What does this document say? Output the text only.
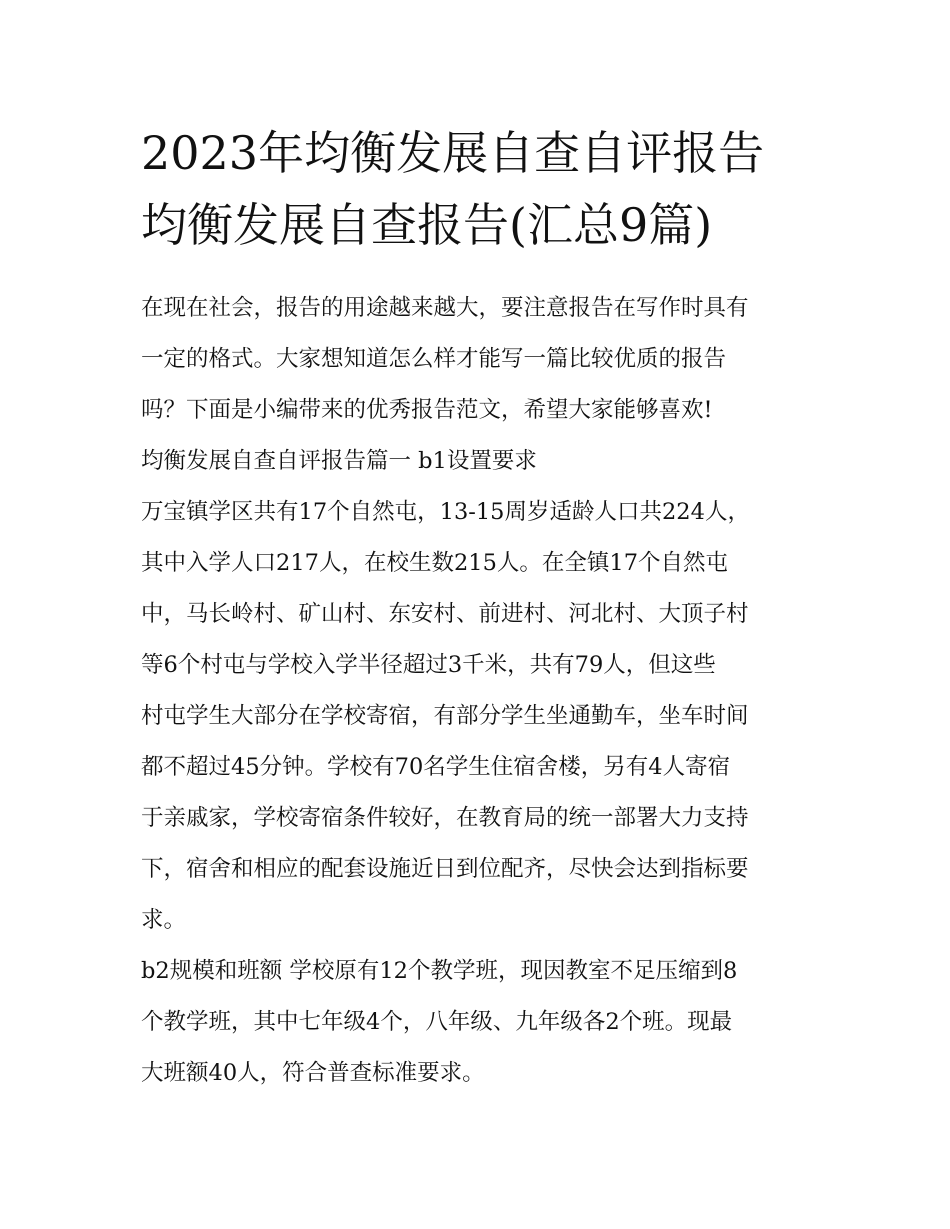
2023年均衡发展自查自评报告
均衡发展自查报告(汇总9篇)
在现在社会，报告的用途越来越大，要注意报告在写作时具有
一定的格式。大家想知道怎么样才能写一篇比较优质的报告
吗？下面是小编带来的优秀报告范文，希望大家能够喜欢!
均衡发展自查自评报告篇一 b1设置要求
万宝镇学区共有17个自然屯，13-15周岁适龄人口共224人，
其中入学人口217人，在校生数215人。在全镇17个自然屯
中，马长岭村、矿山村、东安村、前进村、河北村、大顶子村
等6个村屯与学校入学半径超过3千米，共有79人，但这些
村屯学生大部分在学校寄宿，有部分学生坐通勤车，坐车时间
都不超过45分钟。学校有70名学生住宿舍楼，另有4人寄宿
于亲戚家，学校寄宿条件较好，在教育局的统一部署大力支持
下，宿舍和相应的配套设施近日到位配齐，尽快会达到指标要
求。
b2规模和班额 学校原有12个教学班，现因教室不足压缩到8
个教学班，其中七年级4个，八年级、九年级各2个班。现最
大班额40人，符合普查标准要求。
